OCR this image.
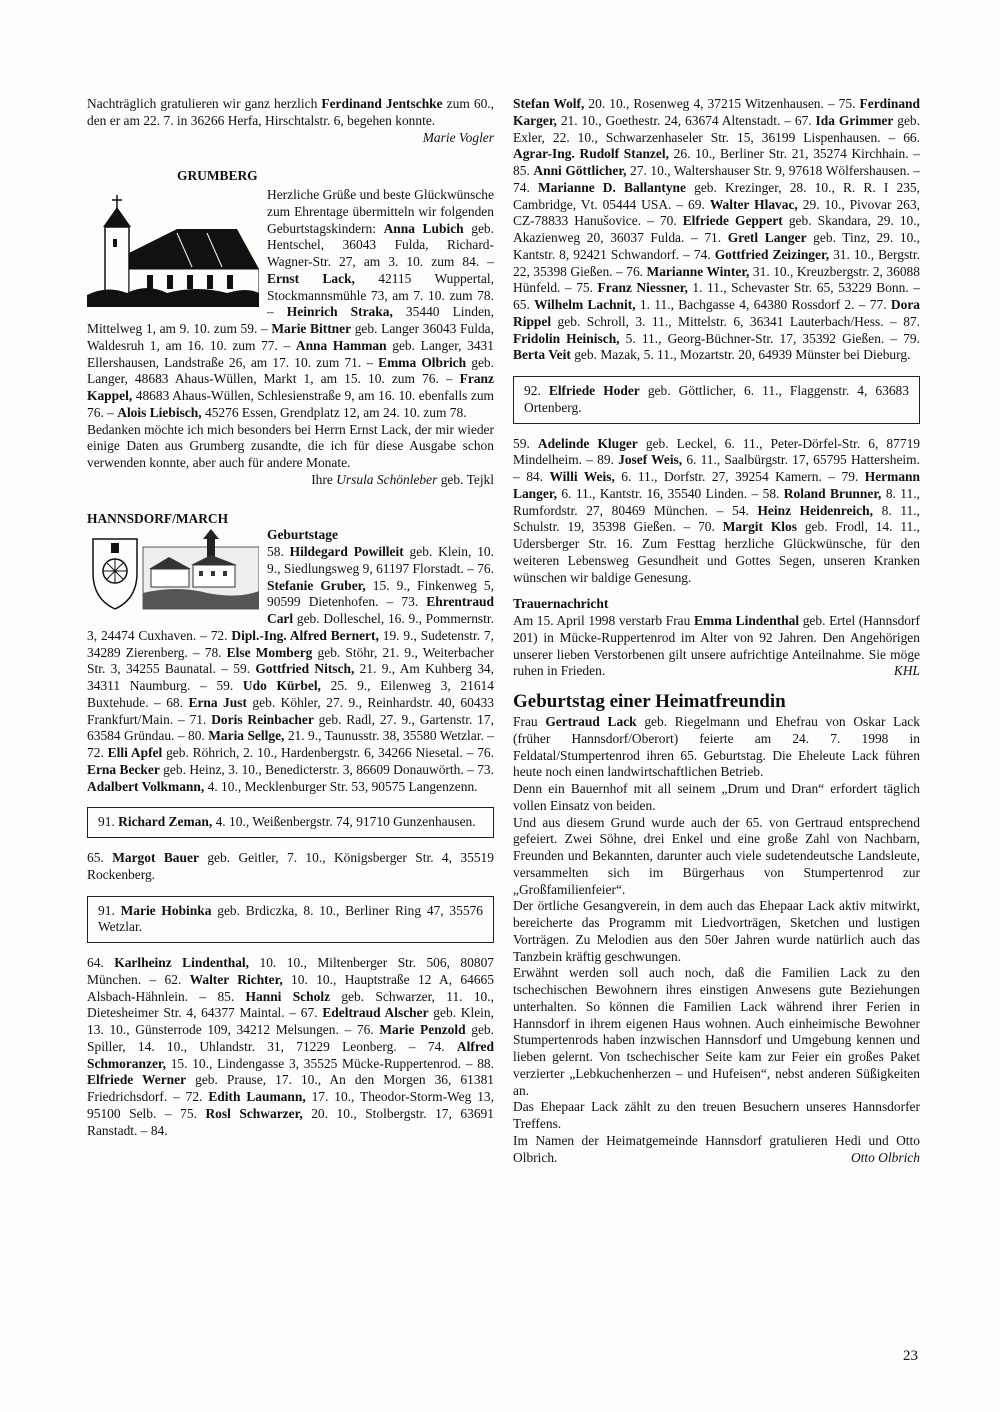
Nachträglich gratulieren wir ganz herzlich Ferdinand Jentschke zum 60., den er am 22. 7. in 36266 Herfa, Hirschtalstr. 6, begehen konnte.

Marie Vogler

GRUMBERG

Herzliche Grüße und beste Glückwünsche zum Ehrentage übermitteln wir folgenden Geburtstagskindern: Anna Lubich geb. Hentschel, 36043 Fulda, Richard-Wagner-Str. 27, am 3. 10. zum 84. – Ernst Lack, 42115 Wuppertal, Stockmannsmühle 73, am 7. 10. zum 78. – Heinrich Straka, 35440 Linden, Mittelweg 1, am 9. 10. zum 59. – Marie Bittner geb. Langer 36043 Fulda, Waldesruh 1, am 16. 10. zum 77. – Anna Hamman geb. Langer, 3431 Ellershausen, Landstraße 26, am 17. 10. zum 71. – Emma Olbrich geb. Langer, 48683 Ahaus-Wüllen, Markt 1, am 15. 10. zum 76. – Franz Kappel, 48683 Ahaus-Wüllen, Schlesienstraße 9, am 16. 10. ebenfalls zum 76. – Alois Liebisch, 45276 Essen, Grendplatz 12, am 24. 10. zum 78.

Bedanken möchte ich mich besonders bei Herrn Ernst Lack, der mir wieder einige Daten aus Grumberg zusandte, die ich für diese Ausgabe schon verwenden konnte, aber auch für andere Monate.

Ihre Ursula Schönleber geb. Tejkl

HANNSDORF/MARCH

Geburtstage

58. Hildegard Powilleit geb. Klein, 10. 9., Siedlungsweg 9, 61197 Florstadt. – 76. Stefanie Gruber, 15. 9., Finkenweg 5, 90599 Dietenhofen. – 73. Ehrentraud Carl geb. Dolleschel, 16. 9., Pommernstr. 3, 24474 Cuxhaven. – 72. Dipl.-Ing. Alfred Bernert, 19. 9., Sudetenstr. 7, 34289 Zierenberg. – 78. Else Momberg geb. Stöhr, 21. 9., Weiterbacher Str. 3, 34255 Baunatal. – 59. Gottfried Nitsch, 21. 9., Am Kuhberg 34, 34311 Naumburg. – 59. Udo Kürbel, 25. 9., Eilenweg 3, 21614 Buxtehude. – 68. Erna Just geb. Köhler, 27. 9., Reinhardstr. 40, 60433 Frankfurt/Main. – 71. Doris Reinbacher geb. Radl, 27. 9., Gartenstr. 17, 63584 Gründau. – 80. Maria Sellge, 21. 9., Taunusstr. 38, 35580 Wetzlar. – 72. Elli Apfel geb. Röhrich, 2. 10., Hardenbergstr. 6, 34266 Niesetal. – 76. Erna Becker geb. Heinz, 3. 10., Benedicterstr. 3, 86609 Donauwörth. – 73. Adalbert Volkmann, 4. 10., Mecklenburger Str. 53, 90575 Langenzenn.

91. Richard Zeman, 4. 10., Weißenbergstr. 74, 91710 Gunzenhausen.

65. Margot Bauer geb. Geitler, 7. 10., Königsberger Str. 4, 35519 Rockenberg.

91. Marie Hobinka geb. Brdiczka, 8. 10., Berliner Ring 47, 35576 Wetzlar.

64. Karlheinz Lindenthal, 10. 10., Miltenberger Str. 506, 80807 München. – 62. Walter Richter, 10. 10., Hauptstraße 12 A, 64665 Alsbach-Hähnlein. – 85. Hanni Scholz geb. Schwarzer, 11. 10., Dietesheimer Str. 4, 64377 Maintal. – 67. Edeltraud Alscher geb. Klein, 13. 10., Günsterrode 109, 34212 Melsungen. – 76. Marie Penzold geb. Spiller, 14. 10., Uhlandstr. 31, 71229 Leonberg. – 74. Alfred Schmoranzer, 15. 10., Lindengasse 3, 35525 Mücke-Ruppertenrod. – 88. Elfriede Werner geb. Prause, 17. 10., An den Morgen 36, 61381 Friedrichsdorf. – 72. Edith Laumann, 17. 10., Theodor-Storm-Weg 13, 95100 Selb. – 75. Rosl Schwarzer, 20. 10., Stolbergstr. 17, 63691 Ranstadt. – 84.

Stefan Wolf, 20. 10., Rosenweg 4, 37215 Witzenhausen. – 75. Ferdinand Karger, 21. 10., Goethestr. 24, 63674 Altenstadt. – 67. Ida Grimmer geb. Exler, 22. 10., Schwarzenhaseler Str. 15, 36199 Lispenhausen. – 66. Agrar-Ing. Rudolf Stanzel, 26. 10., Berliner Str. 21, 35274 Kirchhain. – 85. Anni Göttlicher, 27. 10., Waltershauser Str. 9, 97618 Wölfershausen. – 74. Marianne D. Ballantyne geb. Krezinger, 28. 10., R. R. I 235, Cambridge, Vt. 05444 USA. – 69. Walter Hlavac, 29. 10., Pivovar 263, CZ-78833 Hanušovice. – 70. Elfriede Geppert geb. Skandara, 29. 10., Akazienweg 20, 36037 Fulda. – 71. Gretl Langer geb. Tinz, 29. 10., Kantstr. 8, 92421 Schwandorf. – 74. Gottfried Zeizinger, 31. 10., Bergstr. 22, 35398 Gießen. – 76. Marianne Winter, 31. 10., Kreuzbergstr. 2, 36088 Hünfeld. – 75. Franz Niessner, 1. 11., Schevaster Str. 65, 53229 Bonn. – 65. Wilhelm Lachnit, 1. 11., Bachgasse 4, 64380 Rossdorf 2. – 77. Dora Rippel geb. Schroll, 3. 11., Mittelstr. 6, 36341 Lauterbach/Hess. – 87. Fridolin Heinisch, 5. 11., Georg-Büchner-Str. 17, 35392 Gießen. – 79. Berta Veit geb. Mazak, 5. 11., Mozartstr. 20, 64939 Münster bei Dieburg.

92. Elfriede Hoder geb. Göttlicher, 6. 11., Flaggenstr. 4, 63683 Ortenberg.

59. Adelinde Kluger geb. Leckel, 6. 11., Peter-Dörfel-Str. 6, 87719 Mindelheim. – 89. Josef Weis, 6. 11., Saalbürgstr. 17, 65795 Hattersheim. – 84. Willi Weis, 6. 11., Dorfstr. 27, 39254 Kamern. – 79. Hermann Langer, 6. 11., Kantstr. 16, 35540 Linden. – 58. Roland Brunner, 8. 11., Rumfordstr. 27, 80469 München. – 54. Heinz Heidenreich, 8. 11., Schulstr. 19, 35398 Gießen. – 70. Margit Klos geb. Frodl, 14. 11., Udersberger Str. 16. Zum Festtag herzliche Glückwünsche, für den weiteren Lebensweg Gesundheit und Gottes Segen, unseren Kranken wünschen wir baldige Genesung.

Trauernachricht

Am 15. April 1998 verstarb Frau Emma Lindenthal geb. Ertel (Hannsdorf 201) in Mücke-Ruppertenrod im Alter von 92 Jahren. Den Angehörigen unserer lieben Verstorbenen gilt unsere aufrichtige Anteilnahme. Sie möge ruhen in Frieden.	KHL

Geburtstag einer Heimatfreundin

Frau Gertraud Lack geb. Riegelmann und Ehefrau von Oskar Lack (früher Hannsdorf/Oberort) feierte am 24. 7. 1998 in Feldatal/Stumpertenrod ihren 65. Geburtstag. Die Eheleute Lack führen heute noch einen landwirtschaftlichen Betrieb.

Denn ein Bauernhof mit all seinem „Drum und Dran“ erfordert täglich vollen Einsatz von beiden.

Und aus diesem Grund wurde auch der 65. von Gertraud entsprechend gefeiert. Zwei Söhne, drei Enkel und eine große Zahl von Nachbarn, Freunden und Bekannten, darunter auch viele sudetendeutsche Landsleute, versammelten sich im Bürgerhaus von Stumpertenrod zur „Großfamilienfeier“.

Der örtliche Gesangverein, in dem auch das Ehepaar Lack aktiv mitwirkt, bereicherte das Programm mit Liedvorträgen, Sketchen und lustigen Vorträgen. Zu Melodien aus den 50er Jahren wurde natürlich auch das Tanzbein kräftig geschwungen.

Erwähnt werden soll auch noch, daß die Familien Lack zu den tschechischen Bewohnern ihres einstigen Anwesens gute Beziehungen unterhalten. So können die Familien Lack während ihrer Ferien in Hannsdorf in ihrem eigenen Haus wohnen. Auch einheimische Bewohner Stumpertenrods haben inzwischen Hannsdorf und Umgebung kennen und lieben gelernt. Von tschechischer Seite kam zur Feier ein großes Paket verzierter „Lebkuchenherzen – und Hufeisen“, nebst anderen Süßigkeiten an.

Das Ehepaar Lack zählt zu den treuen Besuchern unseres Hannsdorfer Treffens.

Im Namen der Heimatgemeinde Hannsdorf gratulieren Hedi und Otto Olbrich.	Otto Olbrich

23
